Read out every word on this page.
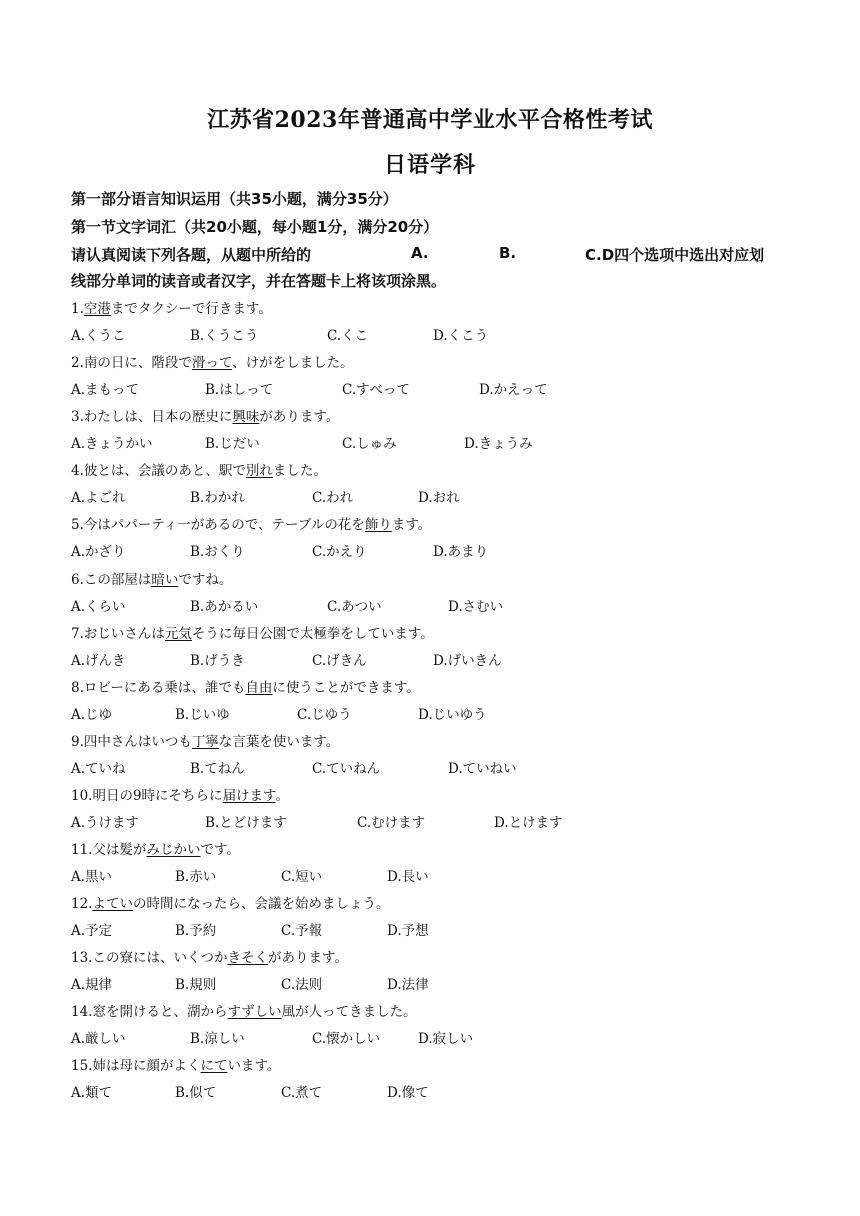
江苏省2023年普通高中学业水平合格性考试
日语学科
第一部分语言知识运用（共35小题，满分35分）
第一节文字词汇（共20小题，每小题1分，满分20分）
请认真阅读下列各题，从题中所给的	A.	B.	C.D四个选项中选出对应划
线部分单词的读音或者汉字，并在答题卡上将该项涂黑。
1.空港までタクシーで行きます。
A.くうこ	B.くうこう	C.くこ	D.くこう
2.南の日に、階段で滑って、けがをしました。
A.まもって	B.はしって	C.すべって	D.かえって
3.わたしは、日本の歴史に興味があります。
A.きょうかい	B.じだい	C.しゅみ	D.きょうみ
4.彼とは、会議のあと、駅で別れました。
A.よごれ	B.わかれ	C.われ	D.おれ
5.今はパパーティ一があるので、テーブルの花を飾ります。
A.かざり	B.おくり	C.かえり	D.あまり
6.この部屋は暗いですね。
A.くらい	B.あかるい	C.あつい	D.さむい
7.おじいさんは元気そうに毎日公園で太極拳をしています。
A.げんき	B.げうき	C.げきん	D.げいきん
8.ロビーにある乗は、誰でも自由に使うことができます。
A.じゆ	B.じいゆ	C.じゆう	D.じいゆう
9.四中さんはいつも丁寧な言葉を使います。
A.ていね	B.てねん	C.ていねん	D.ていねい
10.明日の9時にそちらに届けます。
A.うけます	B.とどけます	C.むけます	D.とけます
11.父は髪がみじかいです。
A.黒い	B.赤い	C.短い	D.長い
12.よていの時間になったら、会議を始めましょう。
A.予定	B.予約	C.予報	D.予想
13.この寮には、いくつかきそくがあります。
A.規律	B.規则	C.法则	D.法律
14.窓を開けると、湖からすずしい風が人ってきました。
A.厳しい	B.涼しい	C.懐かしい	D.寂しい
15.姉は母に顔がよくにています。
A.類て	B.似て	C.煮て	D.像て
